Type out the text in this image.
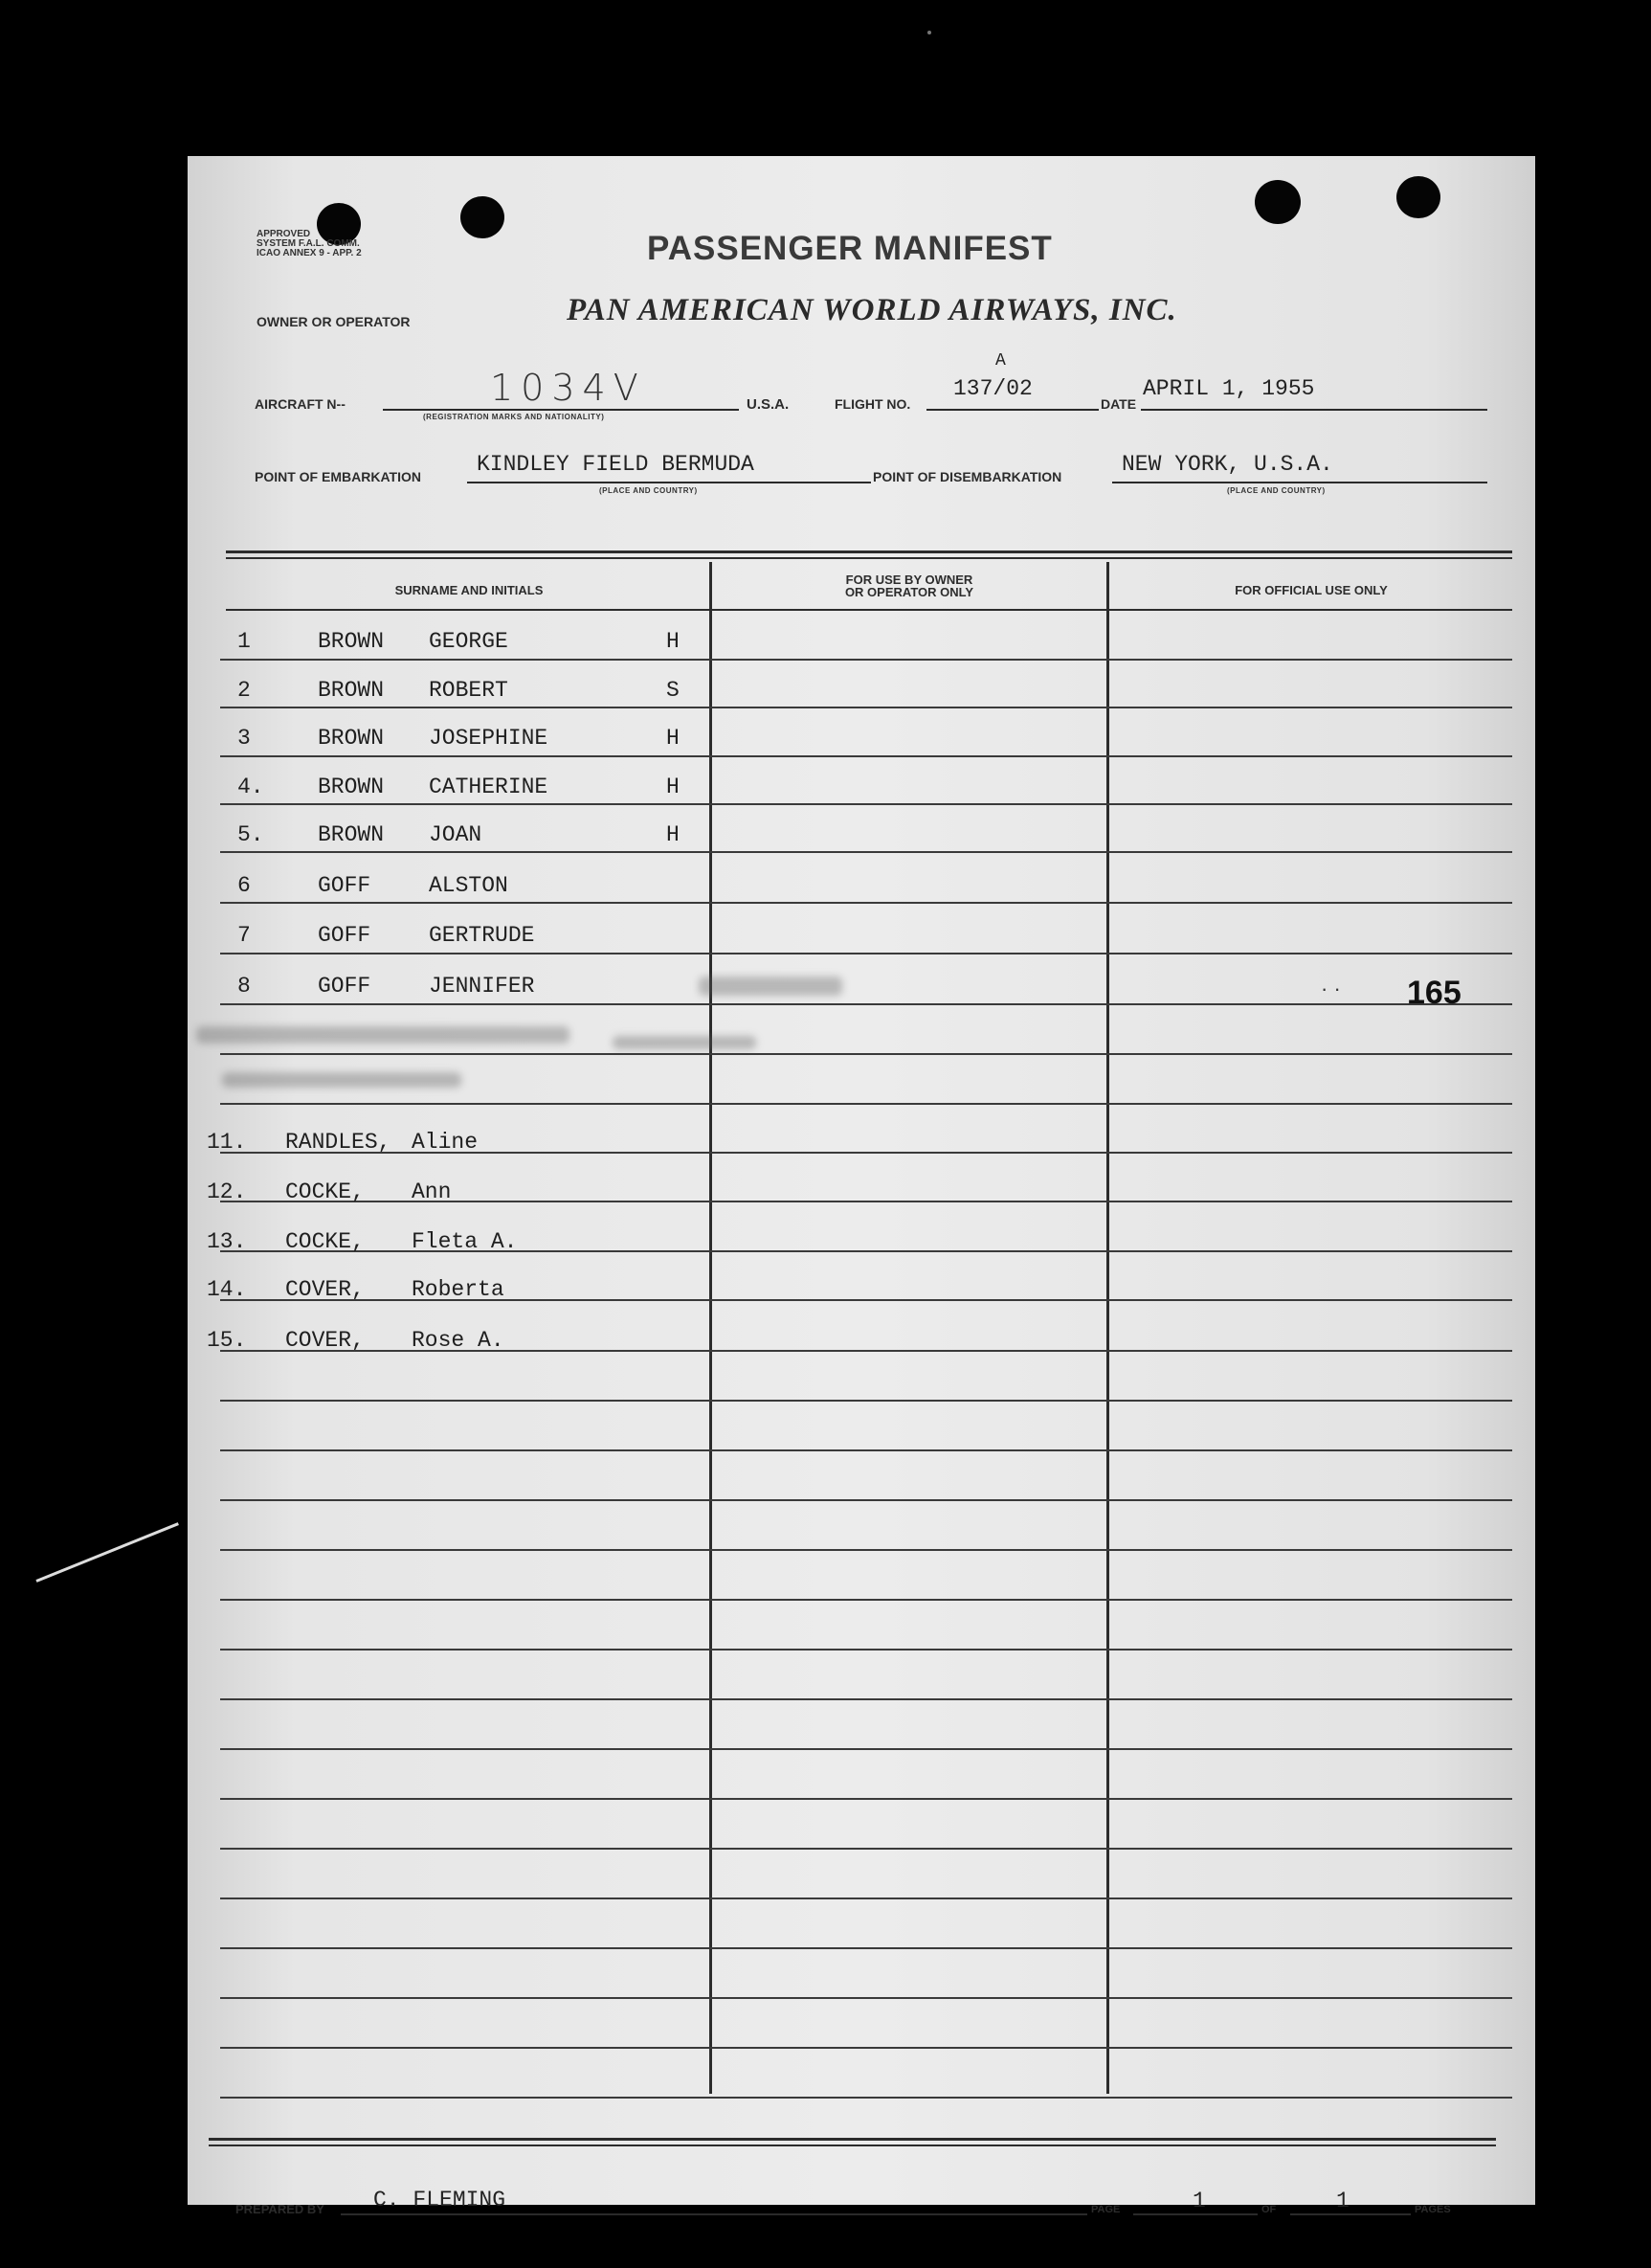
APPROVED
SYSTEM F.A.L. COMM.
ICAO ANNEX 9 - APP. 2	PASSENGER MANIFEST
OWNER OR OPERATOR	PAN AMERICAN WORLD AIRWAYS, INC.
AIRCRAFT N--	1034V
(REGISTRATION MARKS AND NATIONALITY)
U.S.A.	FLIGHT NO.
137/02
A
DATE
APRIL 1, 1955
POINT OF EMBARKATION	KINDLEY FIELD BERMUDA
(PLACE AND COUNTRY)
POINT OF DISEMBARKATION	NEW YORK, U.S.A.
(PLACE AND COUNTRY)
SURNAME AND INITIALS
FOR USE BY OWNER
OR OPERATOR ONLY	FOR OFFICIAL USE ONLY
1	BROWN GEORGE	H
2	BROWN ROBERT	S
3	BROWN JOSEPHINE	H
4. BROWN CATHERINE	H
5. BROWN JOAN	H
6	GOFF	ALSTON
7	GOFF	GERTRUDE
8	GOFF	JENNIFER
11. RANDLES, Aline
12. COCKE, Ann
13. COCKE, Fleta A.
14. COVER, Roberta
15. COVER, Rose A.
165
· ·
PREPARED BY C. FLEMING	PAGE	1	OF	1	PAGES
